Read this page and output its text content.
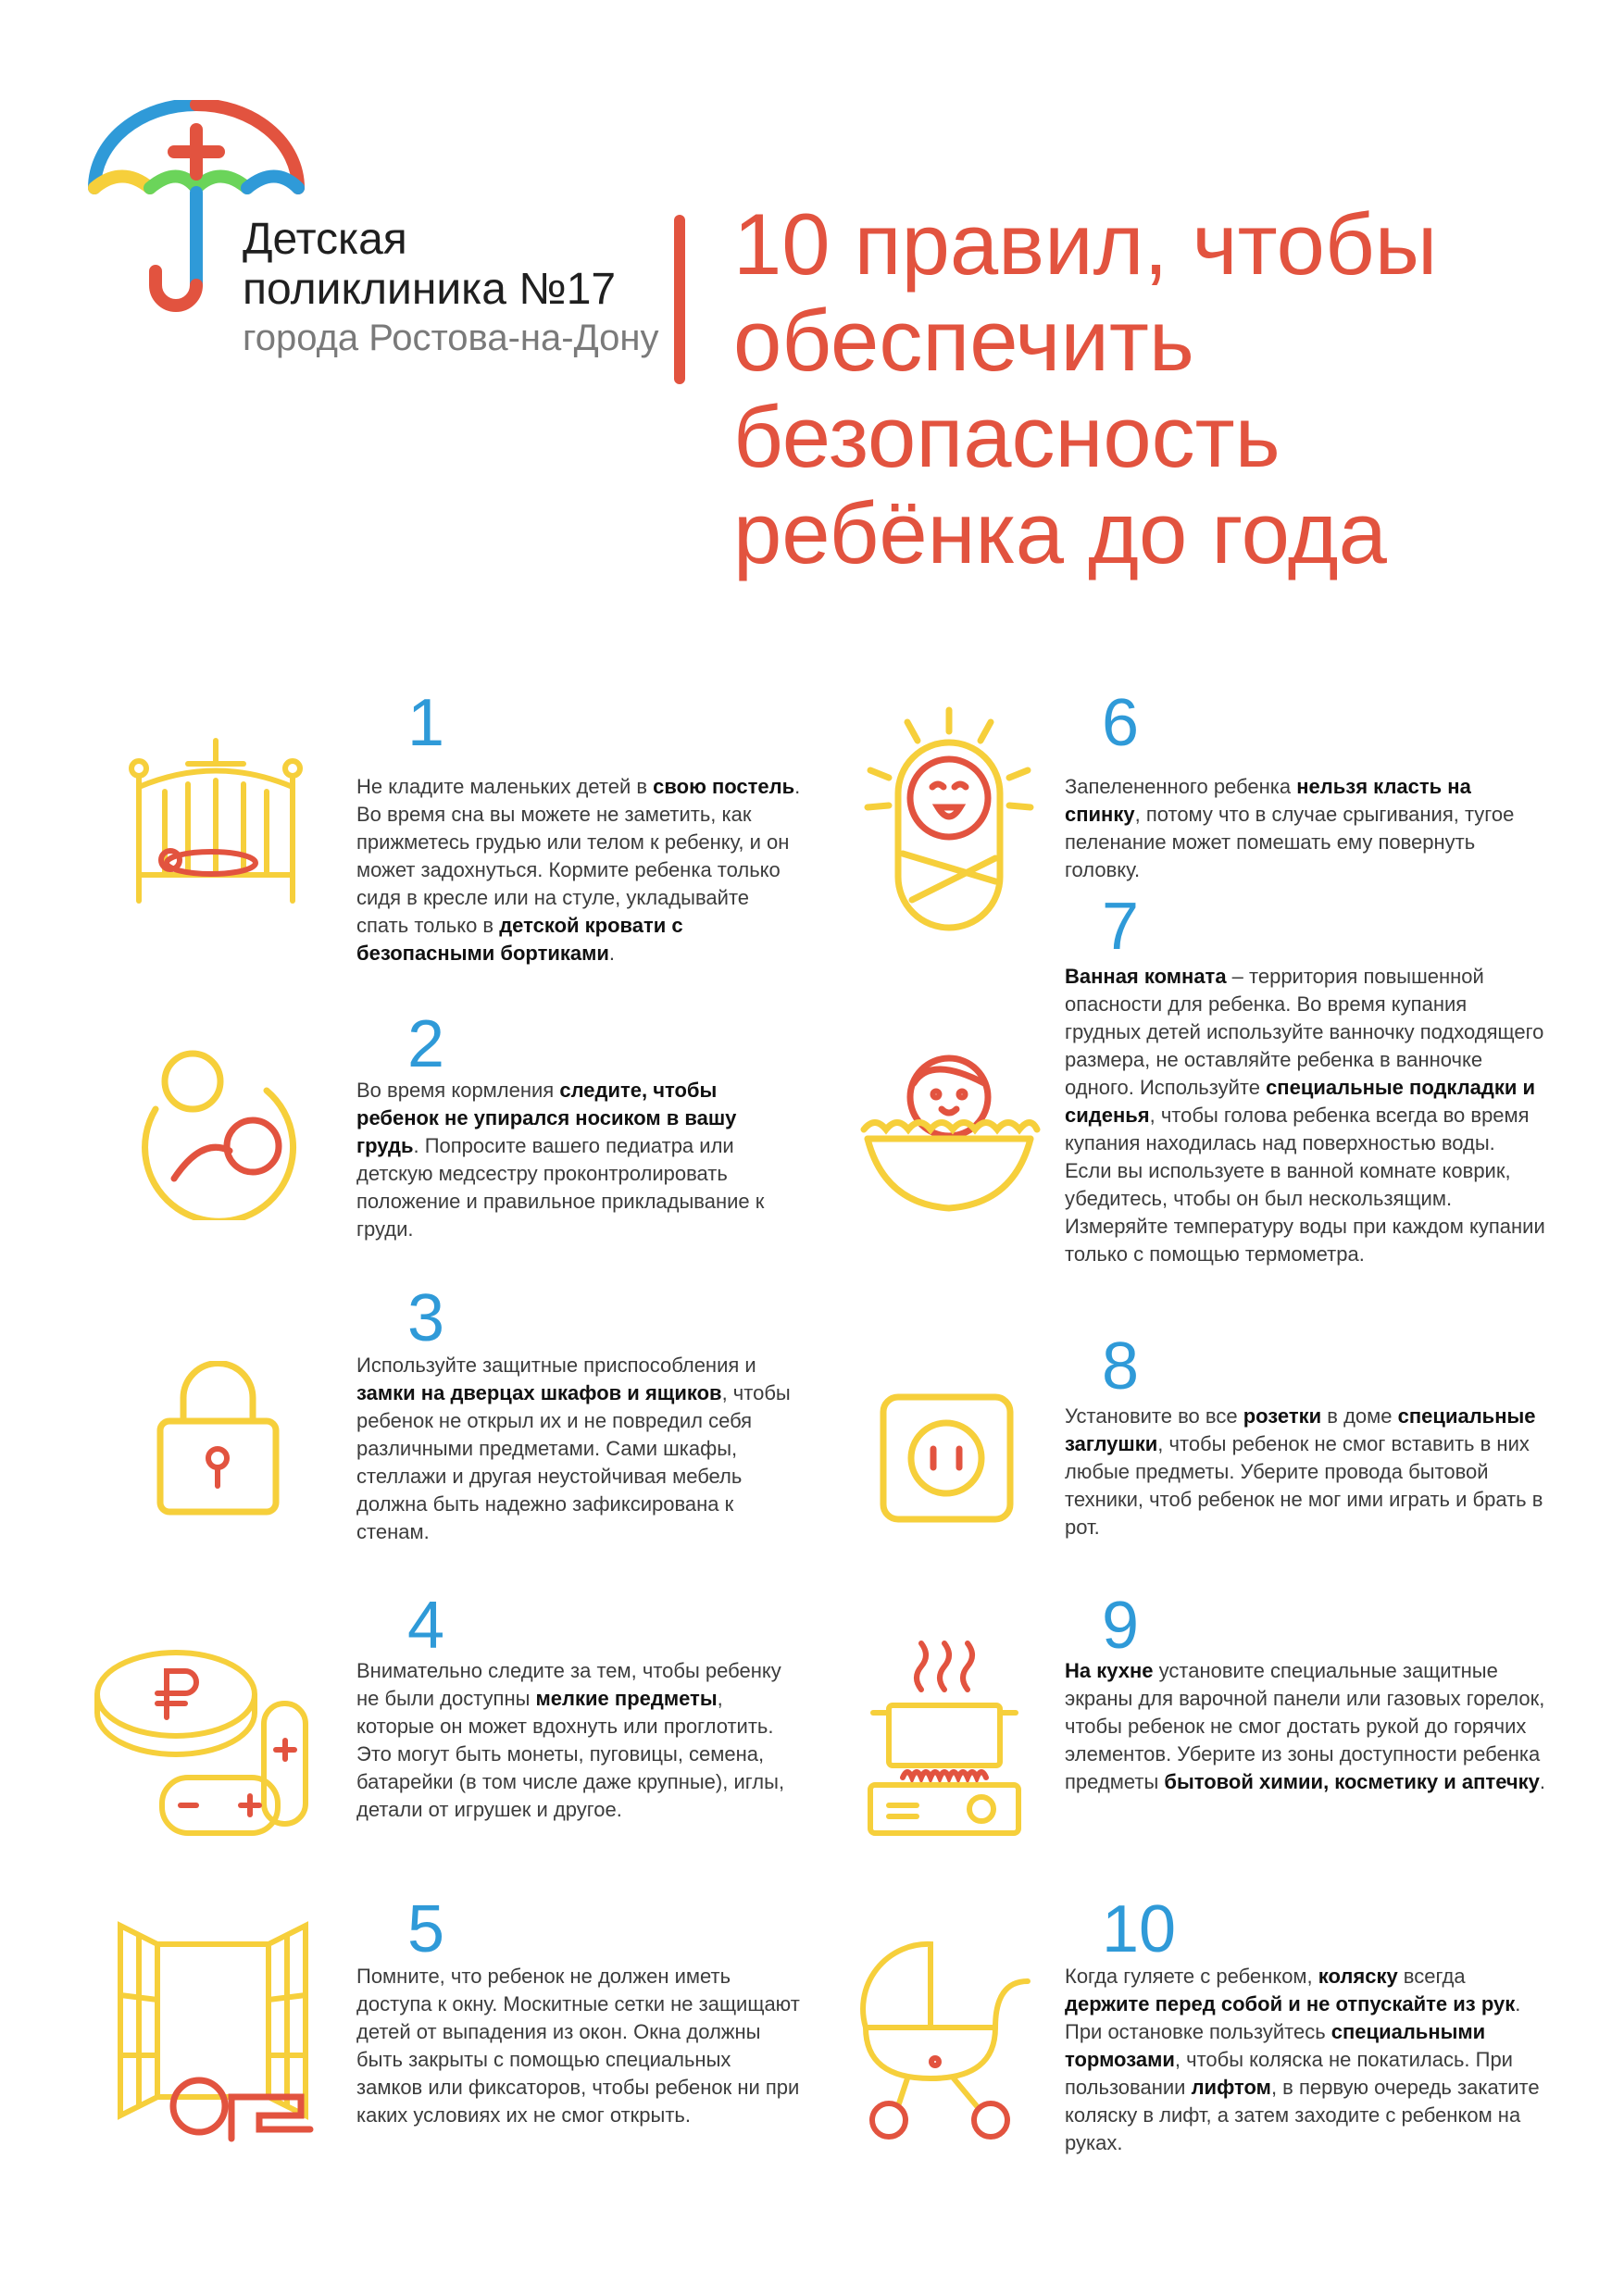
Детская
поликлиника №17
города Ростова-на-Дону
10 правил, чтобы
обеспечить
безопасность
ребёнка до года
1
Не кладите маленьких детей в свою постель. Во время сна вы можете не заметить, как прижметесь грудью или телом к ребенку, и он может задохнуться. Кормите ребенка только сидя в кресле или на стуле, укладывайте спать только в детской кровати с безопасными бортиками.
2
Во время кормления следите, чтобы ребенок не упирался носиком в вашу грудь. Попросите вашего педиатра или детскую медсестру проконтролировать положение и правильное прикладывание к груди.
3
Используйте защитные приспособления и замки на дверцах шкафов и ящиков, чтобы ребенок не открыл их и не повредил себя различными предметами. Сами шкафы, стеллажи и другая неустойчивая мебель должна быть надежно зафиксирована к стенам.
4
Внимательно следите за тем, чтобы ребенку не были доступны мелкие предметы, которые он может вдохнуть или проглотить. Это могут быть монеты, пуговицы, семена, батарейки (в том числе даже крупные), иглы, детали от игрушек и другое.
5
Помните, что ребенок не должен иметь доступа к окну. Москитные сетки не защищают детей от выпадения из окон. Окна должны быть закрыты с помощью специальных замков или фиксаторов, чтобы ребенок ни при каких условиях их не смог открыть.
6
Запелененного ребенка нельзя класть на спинку, потому что в случае срыгивания, тугое пеленание может помешать ему повернуть головку.
7
Ванная комната – территория повышенной опасности для ребенка. Во время купания грудных детей используйте ванночку подходящего размера, не оставляйте ребенка в ванночке одного. Используйте специальные подкладки и сиденья, чтобы голова ребенка всегда во время купания находилась над поверхностью воды. Если вы используете в ванной комнате коврик, убедитесь, чтобы он был нескользящим. Измеряйте температуру воды при каждом купании только с помощью термометра.
8
Установите во все розетки в доме специальные заглушки, чтобы ребенок не смог вставить в них любые предметы. Уберите провода бытовой техники, чтоб ребенок не мог ими играть и брать в рот.
9
На кухне установите специальные защитные экраны для варочной панели или газовых горелок, чтобы ребенок не смог достать рукой до горячих элементов. Уберите из зоны доступности ребенка предметы бытовой химии, косметику и аптечку.
10
Когда гуляете с ребенком, коляску всегда держите перед собой и не отпускайте из рук. При остановке пользуйтесь специальными тормозами, чтобы коляска не покатилась. При пользовании лифтом, в первую очередь закатите коляску в лифт, а затем заходите с ребенком на руках.
